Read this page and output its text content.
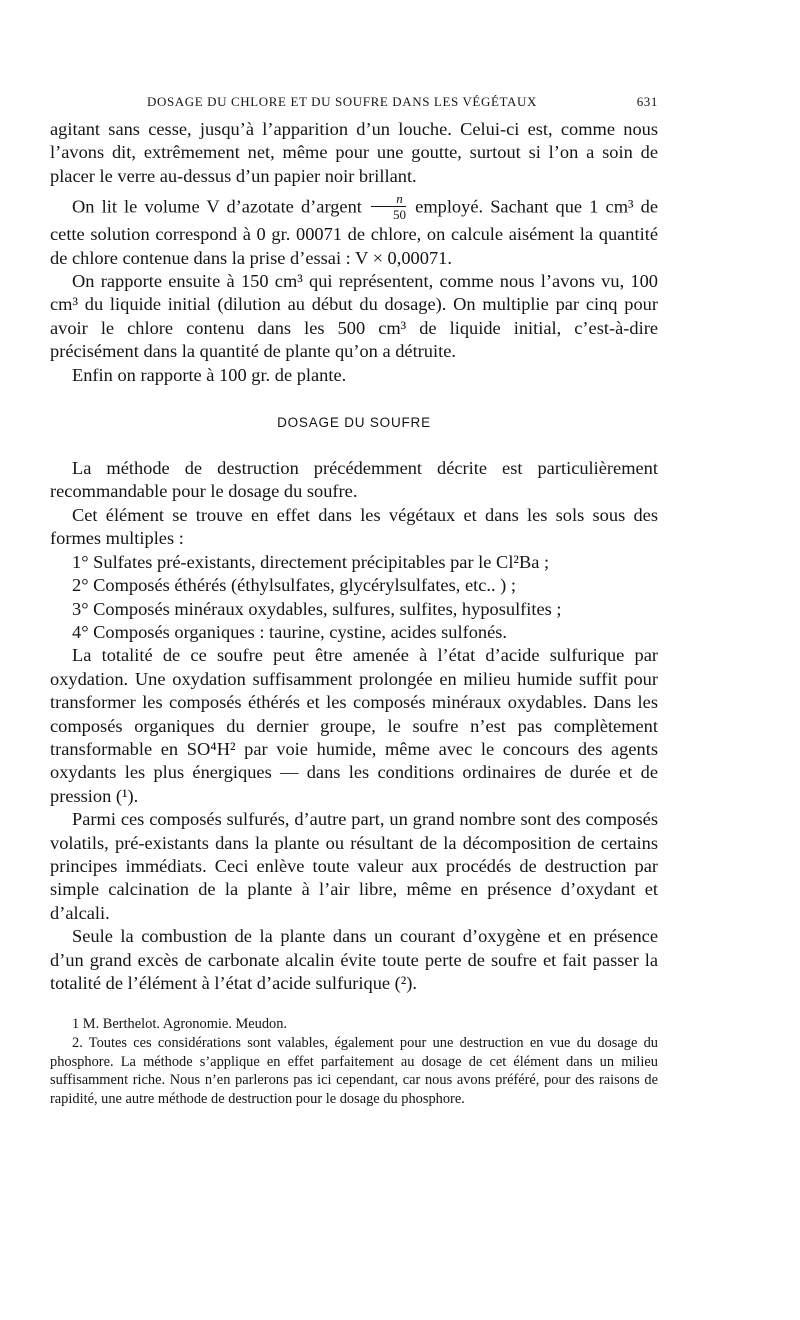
DOSAGE DU CHLORE ET DU SOUFRE DANS LES VÉGÉTAUX	631

agitant sans cesse, jusqu’à l’apparition d’un louche. Celui-ci est, comme nous l’avons dit, extrêmement net, même pour une goutte, surtout si l’on a soin de placer le verre au-dessus d’un papier noir brillant.

On lit le volume V d’azotate d’argent $\frac{n}{50}$ employé. Sachant que 1 cm³ de cette solution correspond à 0 gr. 00071 de chlore, on calcule aisément la quantité de chlore contenue dans la prise d’essai : V × 0,00071.

On rapporte ensuite à 150 cm³ qui représentent, comme nous l’avons vu, 100 cm³ du liquide initial (dilution au début du dosage). On multiplie par cinq pour avoir le chlore contenu dans les 500 cm³ de liquide initial, c’est-à-dire précisément dans la quantité de plante qu’on a détruite.

Enfin on rapporte à 100 gr. de plante.

DOSAGE DU SOUFRE

La méthode de destruction précédemment décrite est particulièrement recommandable pour le dosage du soufre.

Cet élément se trouve en effet dans les végétaux et dans les sols sous des formes multiples :

1° Sulfates pré-existants, directement précipitables par le Cl²Ba ;

2° Composés éthérés (éthylsulfates, glycérylsulfates, etc.. ) ;

3° Composés minéraux oxydables, sulfures, sulfites, hyposulfites ;

4° Composés organiques : taurine, cystine, acides sulfonés.

La totalité de ce soufre peut être amenée à l’état d’acide sulfurique par oxydation. Une oxydation suffisamment prolongée en milieu humide suffit pour transformer les composés éthérés et les composés minéraux oxydables. Dans les composés organiques du dernier groupe, le soufre n’est pas complètement transformable en SO⁴H² par voie humide, même avec le concours des agents oxydants les plus énergiques — dans les conditions ordinaires de durée et de pression (¹).

Parmi ces composés sulfurés, d’autre part, un grand nombre sont des composés volatils, pré-existants dans la plante ou résultant de la décomposition de certains principes immédiats. Ceci enlève toute valeur aux procédés de destruction par simple calcination de la plante à l’air libre, même en présence d’oxydant et d’alcali.

Seule la combustion de la plante dans un courant d’oxygène et en présence d’un grand excès de carbonate alcalin évite toute perte de soufre et fait passer la totalité de l’élément à l’état d’acide sulfurique (²).

1 M. Berthelot. Agronomie. Meudon.

2. Toutes ces considérations sont valables, également pour une destruction en vue du dosage du phosphore. La méthode s’applique en effet parfaitement au dosage de cet élément dans un milieu suffisamment riche. Nous n’en parlerons pas ici cependant, car nous avons préféré, pour des raisons de rapidité, une autre méthode de destruction pour le dosage du phosphore.
